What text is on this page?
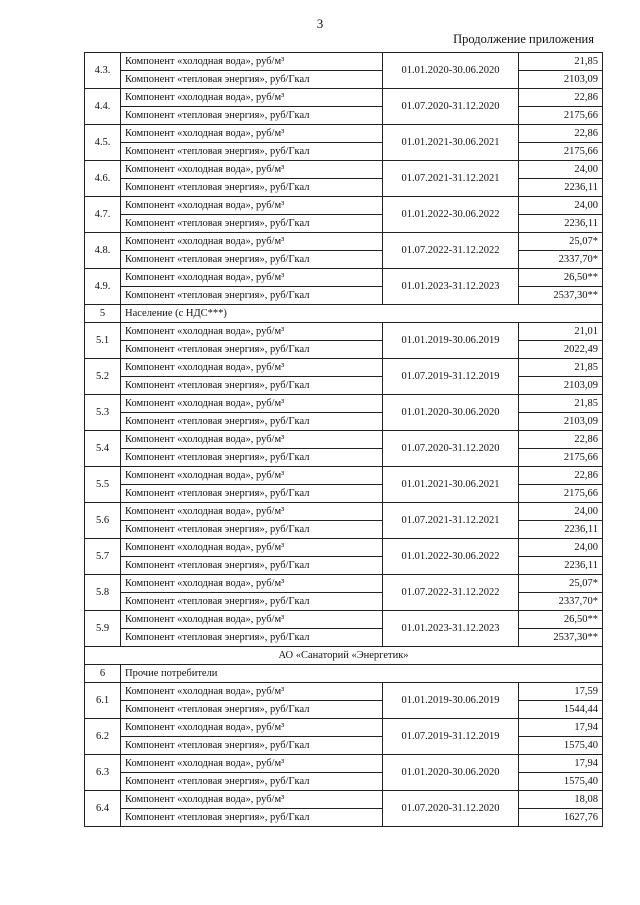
3
Продолжение приложения
4.3.	Компонент «холодная вода», руб/м³	01.01.2020-30.06.2020	21,85
	Компонент «тепловая энергия», руб/Гкал		2103,09
4.4.	Компонент «холодная вода», руб/м³	01.07.2020-31.12.2020	22,86
	Компонент «тепловая энергия», руб/Гкал		2175,66
4.5.	Компонент «холодная вода», руб/м³	01.01.2021-30.06.2021	22,86
	Компонент «тепловая энергия», руб/Гкал		2175,66
4.6.	Компонент «холодная вода», руб/м³	01.07.2021-31.12.2021	24,00
	Компонент «тепловая энергия», руб/Гкал		2236,11
4.7.	Компонент «холодная вода», руб/м³	01.01.2022-30.06.2022	24,00
	Компонент «тепловая энергия», руб/Гкал		2236,11
4.8.	Компонент «холодная вода», руб/м³	01.07.2022-31.12.2022	25,07*
	Компонент «тепловая энергия», руб/Гкал		2337,70*
4.9.	Компонент «холодная вода», руб/м³	01.01.2023-31.12.2023	26,50**
	Компонент «тепловая энергия», руб/Гкал		2537,30**
5	Население (с НДС***)		
5.1	Компонент «холодная вода», руб/м³	01.01.2019-30.06.2019	21,01
	Компонент «тепловая энергия», руб/Гкал		2022,49
5.2	Компонент «холодная вода», руб/м³	01.07.2019-31.12.2019	21,85
	Компонент «тепловая энергия», руб/Гкал		2103,09
5.3	Компонент «холодная вода», руб/м³	01.01.2020-30.06.2020	21,85
	Компонент «тепловая энергия», руб/Гкал		2103,09
5.4	Компонент «холодная вода», руб/м³	01.07.2020-31.12.2020	22,86
	Компонент «тепловая энергия», руб/Гкал		2175,66
5.5	Компонент «холодная вода», руб/м³	01.01.2021-30.06.2021	22,86
	Компонент «тепловая энергия», руб/Гкал		2175,66
5.6	Компонент «холодная вода», руб/м³	01.07.2021-31.12.2021	24,00
	Компонент «тепловая энергия», руб/Гкал		2236,11
5.7	Компонент «холодная вода», руб/м³	01.01.2022-30.06.2022	24,00
	Компонент «тепловая энергия», руб/Гкал		2236,11
5.8	Компонент «холодная вода», руб/м³	01.07.2022-31.12.2022	25,07*
	Компонент «тепловая энергия», руб/Гкал		2337,70*
5.9	Компонент «холодная вода», руб/м³	01.01.2023-31.12.2023	26,50**
	Компонент «тепловая энергия», руб/Гкал		2537,30**
АО «Санаторий «Энергетик»			
6	Прочие потребители		
6.1	Компонент «холодная вода», руб/м³	01.01.2019-30.06.2019	17,59
	Компонент «тепловая энергия», руб/Гкал		1544,44
6.2	Компонент «холодная вода», руб/м³	01.07.2019-31.12.2019	17,94
	Компонент «тепловая энергия», руб/Гкал		1575,40
6.3	Компонент «холодная вода», руб/м³	01.01.2020-30.06.2020	17,94
	Компонент «тепловая энергия», руб/Гкал		1575,40
6.4	Компонент «холодная вода», руб/м³	01.07.2020-31.12.2020	18,08
	Компонент «тепловая энергия», руб/Гкал		1627,76
